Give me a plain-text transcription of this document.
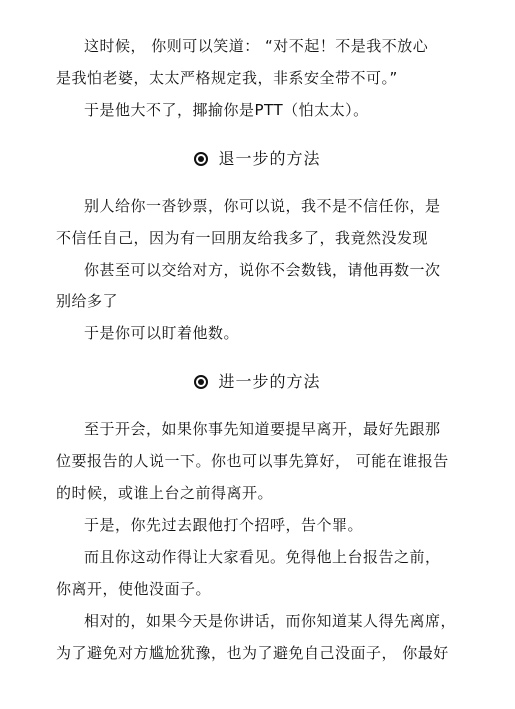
这时候， 你则可以笑道： “对不起！不是我不放心
是我怕老婆，太太严格规定我，非系安全带不可。”
于是他大不了，揶揄你是PTT（怕太太）。
退一步的方法
别人给你一沓钞票，你可以说，我不是不信任你，是
不信任自己，因为有一回朋友给我多了，我竟然没发现
你甚至可以交给对方，说你不会数钱，请他再数一次
别给多了
于是你可以盯着他数。
进一步的方法
至于开会，如果你事先知道要提早离开，最好先跟那
位要报告的人说一下。你也可以事先算好， 可能在谁报告
的时候，或谁上台之前得离开。
于是，你先过去跟他打个招呼，告个罪。
而且你这动作得让大家看见。免得他上台报告之前，
你离开，使他没面子。
相对的，如果今天是你讲话，而你知道某人得先离席，
为了避免对方尴尬犹豫，也为了避免自己没面子， 你最好
